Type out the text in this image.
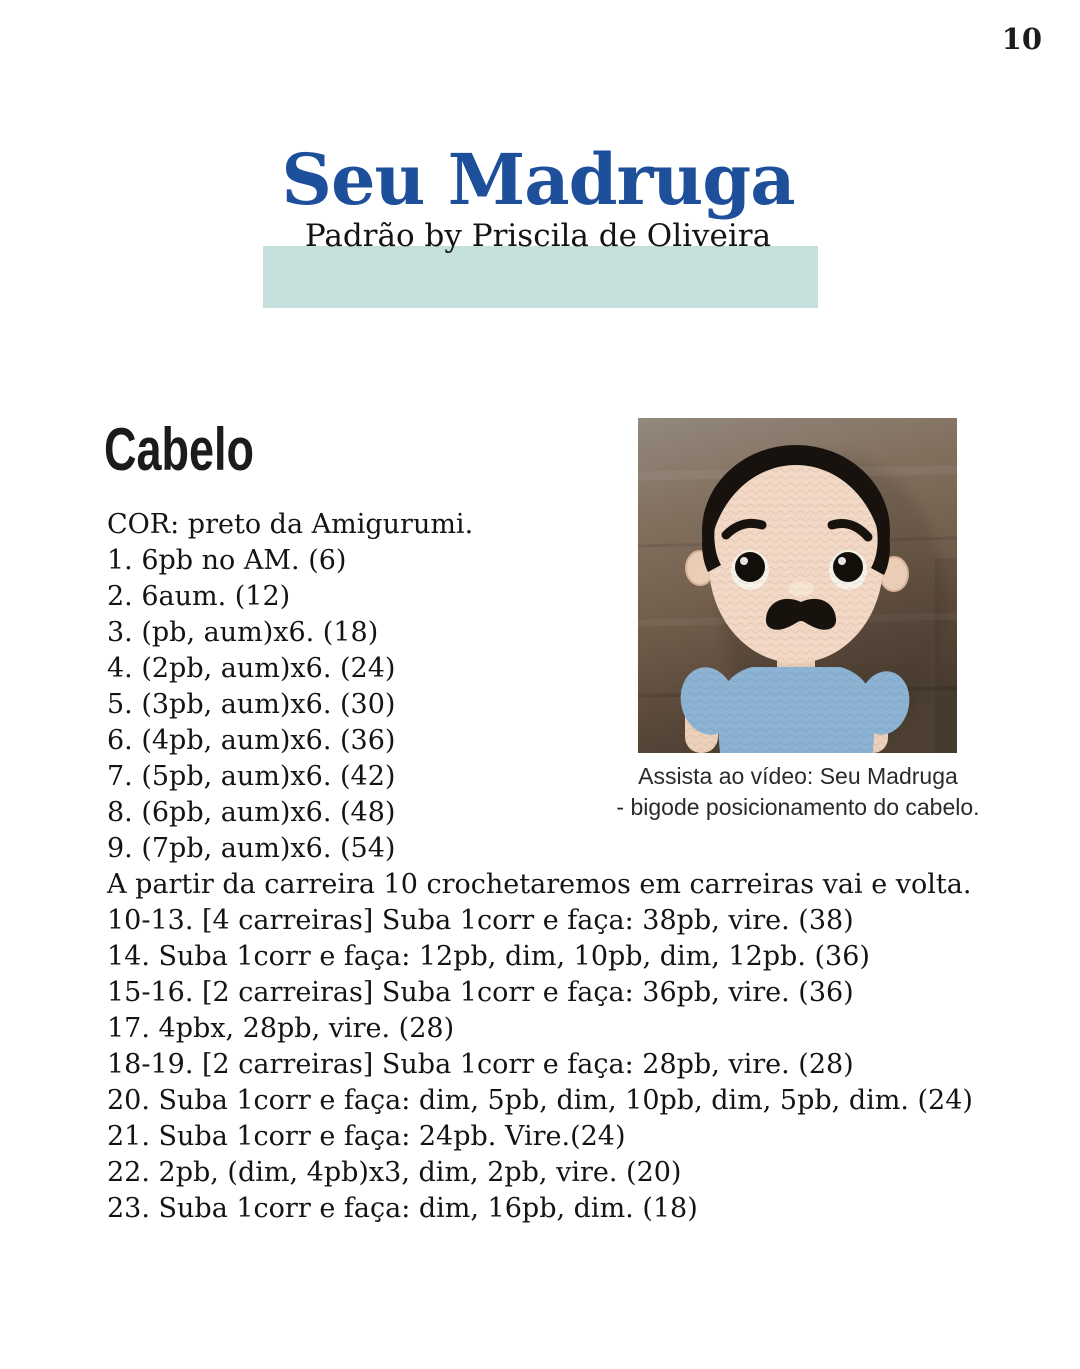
10
Seu Madruga
Padrão by Priscila de Oliveira
Cabelo
COR: preto da Amigurumi.
1. 6pb no AM. (6)
2. 6aum. (12)
3. (pb, aum)x6. (18)
4. (2pb, aum)x6. (24)
5. (3pb, aum)x6. (30)
6. (4pb, aum)x6. (36)
7. (5pb, aum)x6. (42)
8. (6pb, aum)x6. (48)
9. (7pb, aum)x6. (54)
A partir da carreira 10 crochetaremos em carreiras vai e volta.
10-13. [4 carreiras] Suba 1corr e faça: 38pb, vire. (38)
14. Suba 1corr e faça: 12pb, dim, 10pb, dim, 12pb. (36)
15-16. [2 carreiras] Suba 1corr e faça: 36pb, vire. (36)
17. 4pbx, 28pb, vire. (28)
18-19. [2 carreiras] Suba 1corr e faça: 28pb, vire. (28)
20. Suba 1corr e faça: dim, 5pb, dim, 10pb, dim, 5pb, dim. (24)
21. Suba 1corr e faça: 24pb. Vire.(24)
22. 2pb, (dim, 4pb)x3, dim, 2pb, vire. (20)
23. Suba 1corr e faça: dim, 16pb, dim. (18)
Assista ao vídeo: Seu Madruga
- bigode posicionamento do cabelo.
